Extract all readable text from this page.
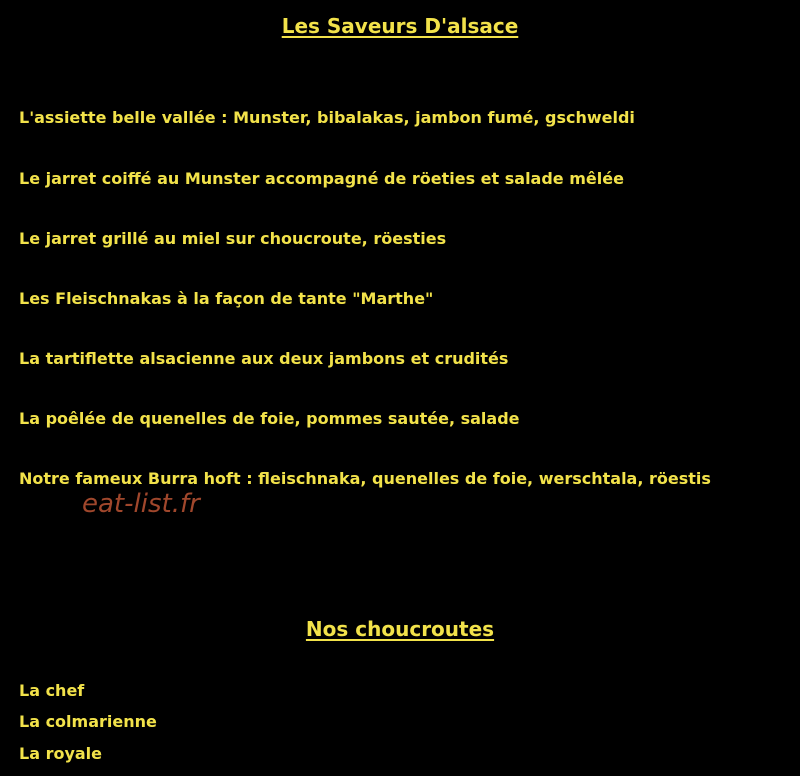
Les Saveurs D'alsace

L'assiette belle vallée : Munster, bibalakas, jambon fumé, gschweldi

Le jarret coiffé au Munster accompagné de röeties et salade mêlée

Le jarret grillé au miel sur choucroute, röesties

Les Fleischnakas à la façon de tante "Marthe"

La tartiflette alsacienne aux deux jambons et crudités

La poêlée de quenelles de foie, pommes sautée, salade

Notre fameux Burra hoft : fleischnaka, quenelles de foie, werschtala, röestis

eat-list.fr
Nos choucroutes

La chef

La colmarienne

La royale
